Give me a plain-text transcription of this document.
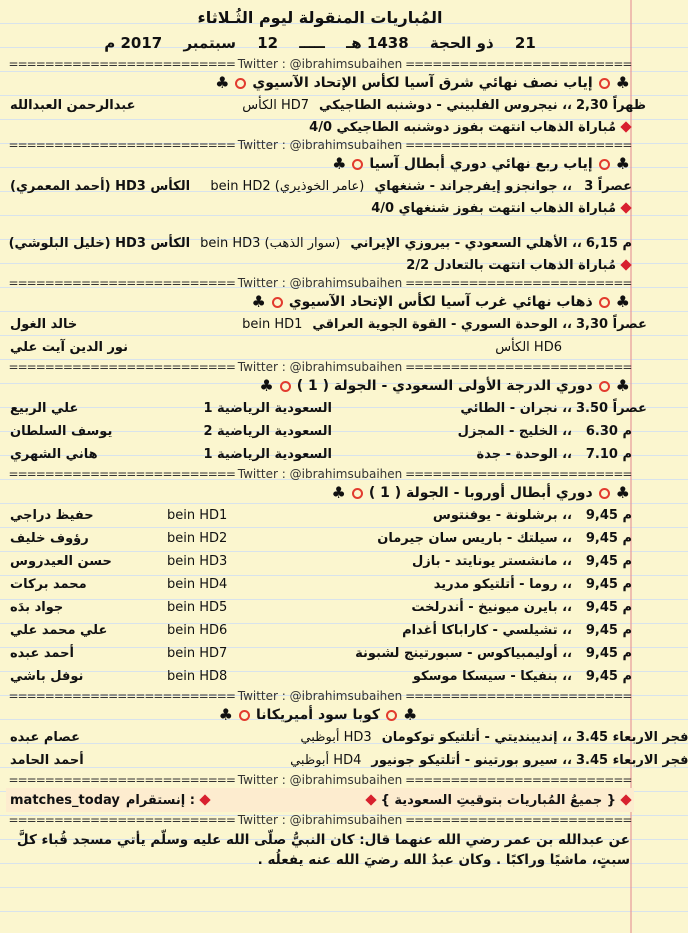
المُباريات المنقولة ليوم الثُـلاثاء
21 ذو الحجة 1438 هـ ـــــ 12 سبتمبر 2017 م
========================= Twitter : @ibrahimsubaihen =========================
♣
إياب نصف نهائي شرق آسيا لكأس الإتحاد الآسيوي
♣
2,30 ظهراً
،، نيجروس الفلبيني - دوشنبه الطاجيكي
الكأس HD7
عبدالرحمن العبدالله
مُباراة الذهاب انتهت بفوز دوشنبه الطاجيكي 4/0
========================= Twitter : @ibrahimsubaihen =========================
♣
إياب ربع نهائي دوري أبطال آسيا
♣
3 عصراً
،، جوانجزو إيفرجراند - شنغهاي
bein HD2 (عامر الخوذيري)
الكأس HD3 (أحمد المعمري)
مُباراة الذهاب انتهت بفوز شنغهاي 4/0
6,15 م
،، الأهلي السعودي - بيروزي الإيراني
bein HD3 (سوار الذهب)
الكأس HD3 (خليل البلوشي)
مُباراة الذهاب انتهت بالتعادل 2/2
========================= Twitter : @ibrahimsubaihen =========================
♣
ذهاب نهائي غرب آسيا لكأس الإتحاد الآسيوي
♣
3,30 عصراً
،، الوحدة السوري - القوة الجوية العراقي
bein HD1
خالد الغول
الكأس HD6
نور الدين آيت علي
========================= Twitter : @ibrahimsubaihen =========================
♣
دوري الدرجة الأولى السعودي - الجولة ( 1 )
♣
3.50 عصراً
،، نجران - الطائي
السعودية الرياضية 1
علي الربيع
6.30 م
،، الخليج - المجزل
السعودية الرياضية 2
يوسف السلطان
7.10 م
،، الوحدة - جدة
السعودية الرياضية 1
هاني الشهري
========================= Twitter : @ibrahimsubaihen =========================
♣
دوري أبطال أوروبا - الجولة ( 1 )
♣
9,45 م
،، برشلونة - يوفنتوس
bein HD1
حفيظ دراجي
9,45 م
،، سيلتك - باريس سان جيرمان
bein HD2
رؤوف خليف
9,45 م
،، مانشستر يونايتد - بازل
bein HD3
حسن العيدروس
9,45 م
،، روما - أتلتيكو مدريد
bein HD4
محمد بركات
9,45 م
،، بايرن ميونيخ - أندرلخت
bein HD5
جواد بدَه
9,45 م
،، تشيلسي - كاراباكا أغدام
bein HD6
علي محمد علي
9,45 م
،، أوليمبياكوس - سبورتينج لشبونة
bein HD7
أحمد عبده
9,45 م
،، بنفيكا - سيسكا موسكو
bein HD8
نوفل باشي
========================= Twitter : @ibrahimsubaihen =========================
♣
كوبا سود أميريكانا
♣
3.45 فجر الاربعاء
،، إنديبنديتي - أتلتيكو توكومان
أبوظبي HD3
عصام عبده
3.45 فجر الاربعاء
،، سيرو بورتينو - أتلتيكو جونيور
أبوظبي HD4
أحمد الحامد
========================= Twitter : @ibrahimsubaihen =========================
{ جميعُ المُباريات بتوقيتِ السعودية }
matches_today إنستقرام :
========================= Twitter : @ibrahimsubaihen =========================
عن عبدالله بن عمر رضي الله عنهما قال: كان النبيُّ صلّى الله عليه وسلّم يأتي مسجد قُباء كلَّ سبتٍ، ماشيًا وراكبًا . وكان عبدُ الله رضيَ الله عنه يفعلُه .
